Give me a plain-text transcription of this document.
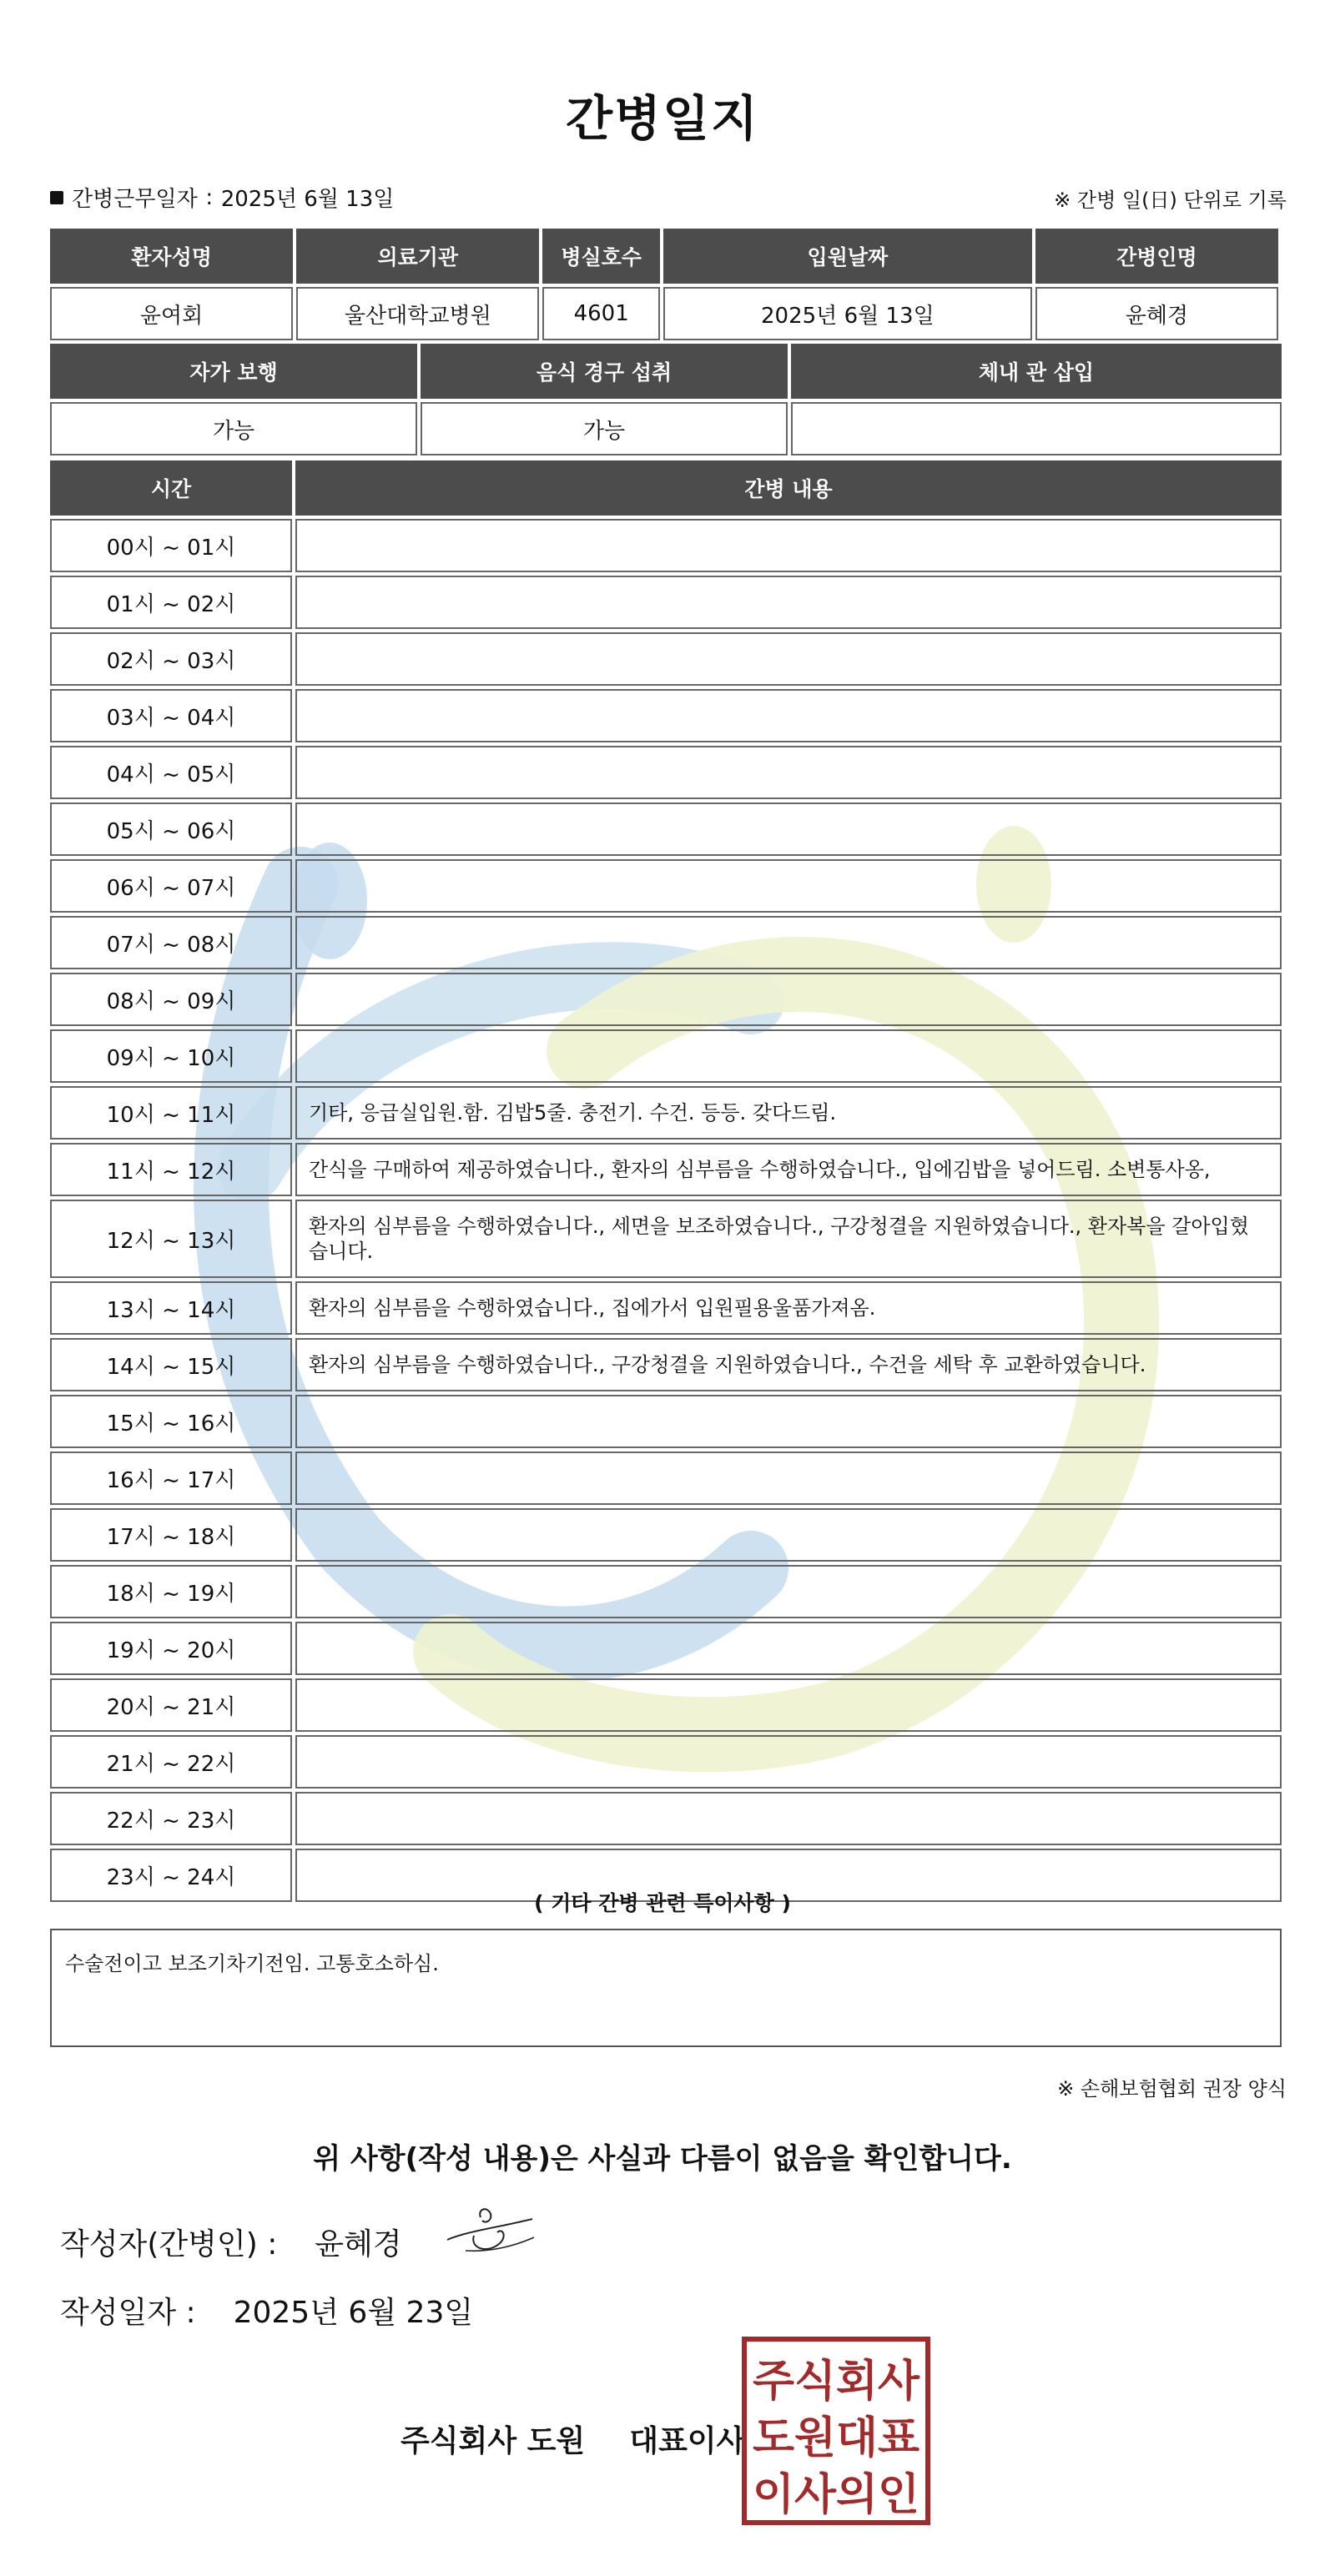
간병일지
간병근무일자 : 2025년 6월 13일	※ 간병 일(日) 단위로 기록
환자성명	의료기관	병실호수	입원날짜	간병인명
윤여회	울산대학교병원	4601	2025년 6월 13일	윤혜경
자가 보행	음식 경구 섭취	체내 관 삽입
가능	가능	
시간	간병 내용
00시 ~ 01시	
01시 ~ 02시	
02시 ~ 03시	
03시 ~ 04시	
04시 ~ 05시	
05시 ~ 06시	
06시 ~ 07시	
07시 ~ 08시	
08시 ~ 09시	
09시 ~ 10시	
10시 ~ 11시	기타, 응급실입원.함. 김밥5줄. 충전기. 수건. 등등. 갖다드림.
11시 ~ 12시	간식을 구매하여 제공하였습니다., 환자의 심부름을 수행하였습니다., 입에김밥을 넣어드림. 소변통사옹,
12시 ~ 13시	환자의 심부름을 수행하였습니다., 세면을 보조하였습니다., 구강청결을 지원하였습니다., 환자복을 갈아입혔습니다.
13시 ~ 14시	환자의 심부름을 수행하였습니다., 집에가서 입원필용울품가져옴.
14시 ~ 15시	환자의 심부름을 수행하였습니다., 구강청결을 지원하였습니다., 수건을 세탁 후 교환하였습니다.
15시 ~ 16시	
16시 ~ 17시	
17시 ~ 18시	
18시 ~ 19시	
19시 ~ 20시	
20시 ~ 21시	
21시 ~ 22시	
22시 ~ 23시	
23시 ~ 24시	
( 기타 간병 관련 특이사항 )
수술전이고 보조기차기전임. 고통호소하심.
※ 손해보험협회 권장 양식
위 사항(작성 내용)은 사실과 다름이 없음을 확인합니다.
작성자(간병인) : 윤혜경
작성일자 : 2025년 6월 23일
주식회사 도원 대표이사
주식회사
도원대표
이사의인
